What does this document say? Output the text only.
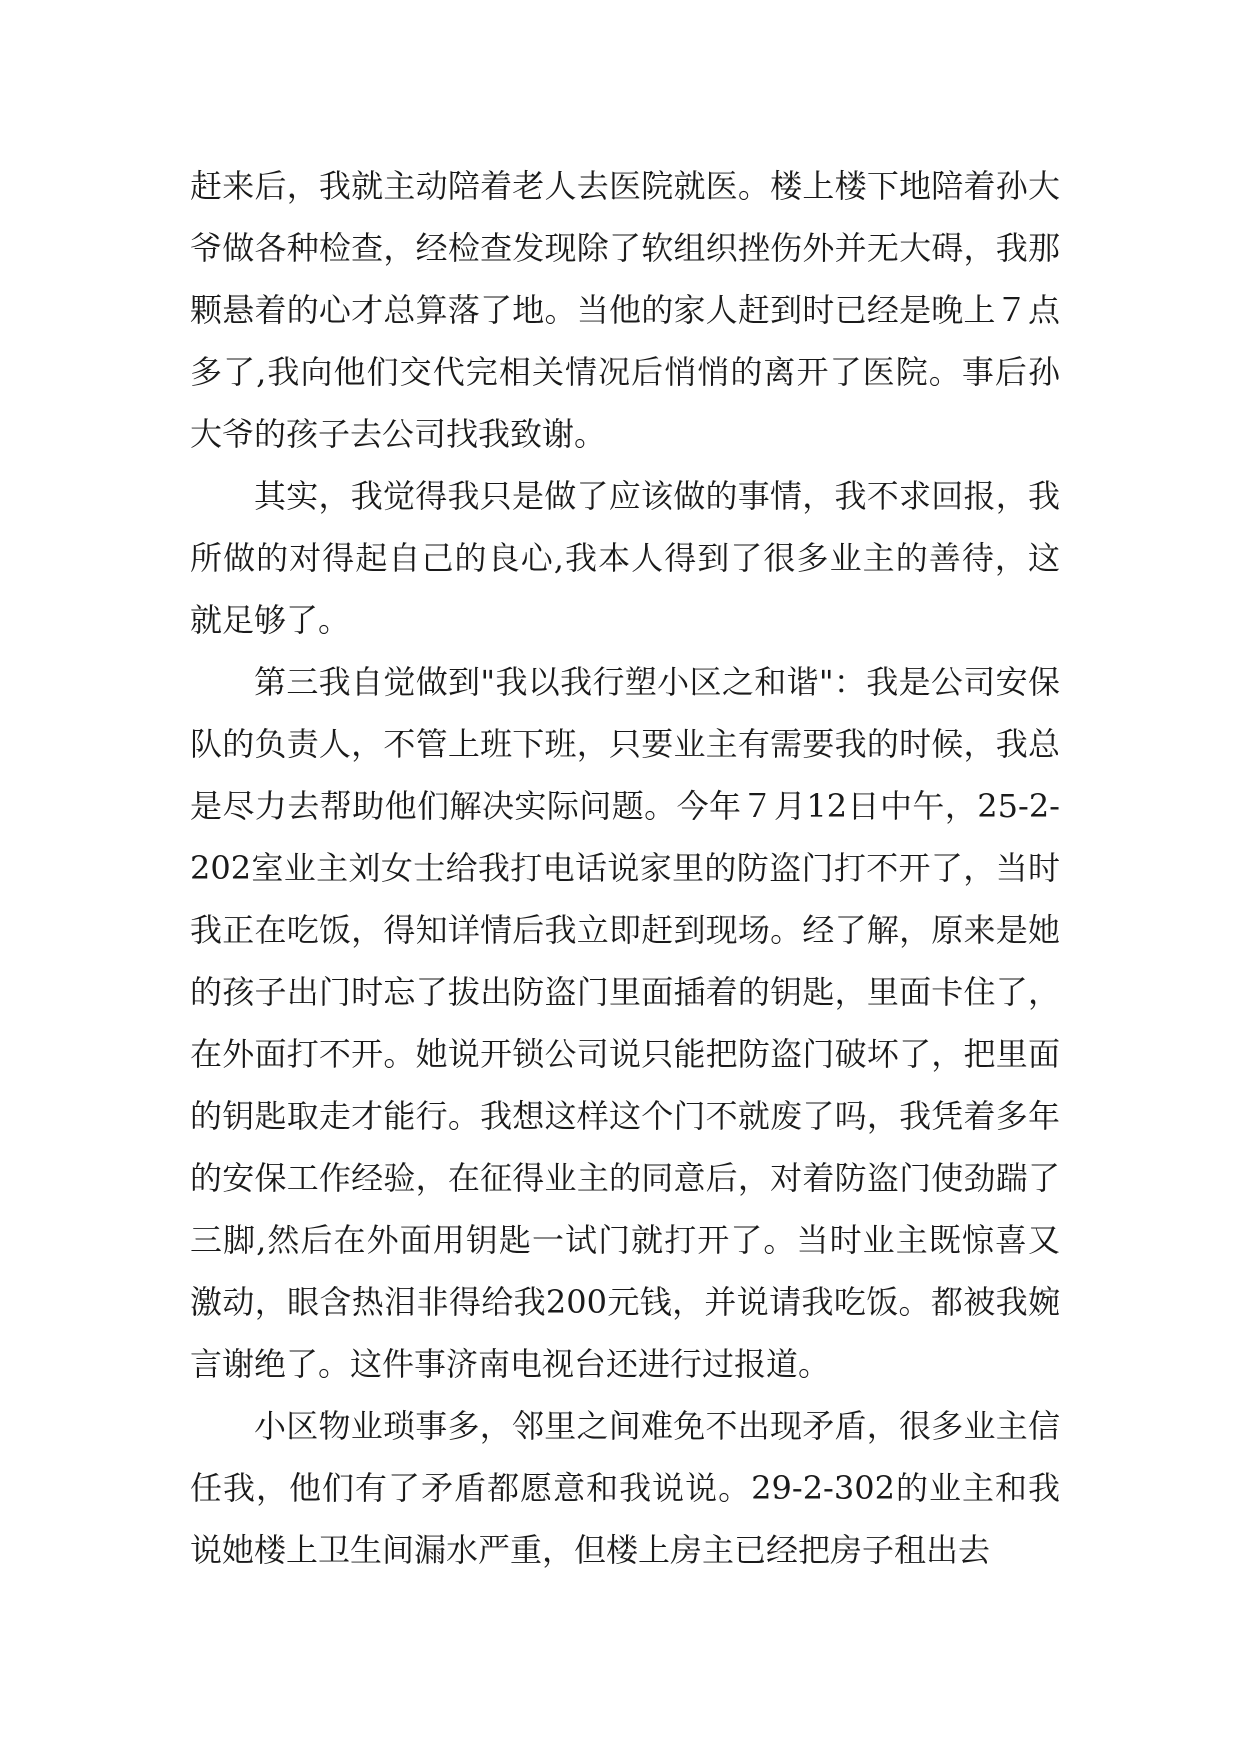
赶来后，我就主动陪着老人去医院就医。楼上楼下地陪着孙大爷做各种检查，经检查发现除了软组织挫伤外并无大碍，我那颗悬着的心才总算落了地。当他的家人赶到时已经是晚上７点多了,我向他们交代完相关情况后悄悄的离开了医院。事后孙大爷的孩子去公司找我致谢。

其实，我觉得我只是做了应该做的事情，我不求回报，我所做的对得起自己的良心,我本人得到了很多业主的善待，这就足够了。

第三我自觉做到"我以我行塑小区之和谐"：我是公司安保队的负责人，不管上班下班，只要业主有需要我的时候，我总是尽力去帮助他们解决实际问题。今年７月12日中午，25-2-202室业主刘女士给我打电话说家里的防盗门打不开了，当时我正在吃饭，得知详情后我立即赶到现场。经了解，原来是她的孩子出门时忘了拔出防盗门里面插着的钥匙，里面卡住了，在外面打不开。她说开锁公司说只能把防盗门破坏了，把里面的钥匙取走才能行。我想这样这个门不就废了吗，我凭着多年的安保工作经验，在征得业主的同意后，对着防盗门使劲踹了三脚,然后在外面用钥匙一试门就打开了。当时业主既惊喜又激动，眼含热泪非得给我200元钱，并说请我吃饭。都被我婉言谢绝了。这件事济南电视台还进行过报道。

小区物业琐事多，邻里之间难免不出现矛盾，很多业主信任我，他们有了矛盾都愿意和我说说。29-2-302的业主和我说她楼上卫生间漏水严重，但楼上房主已经把房子租出去
